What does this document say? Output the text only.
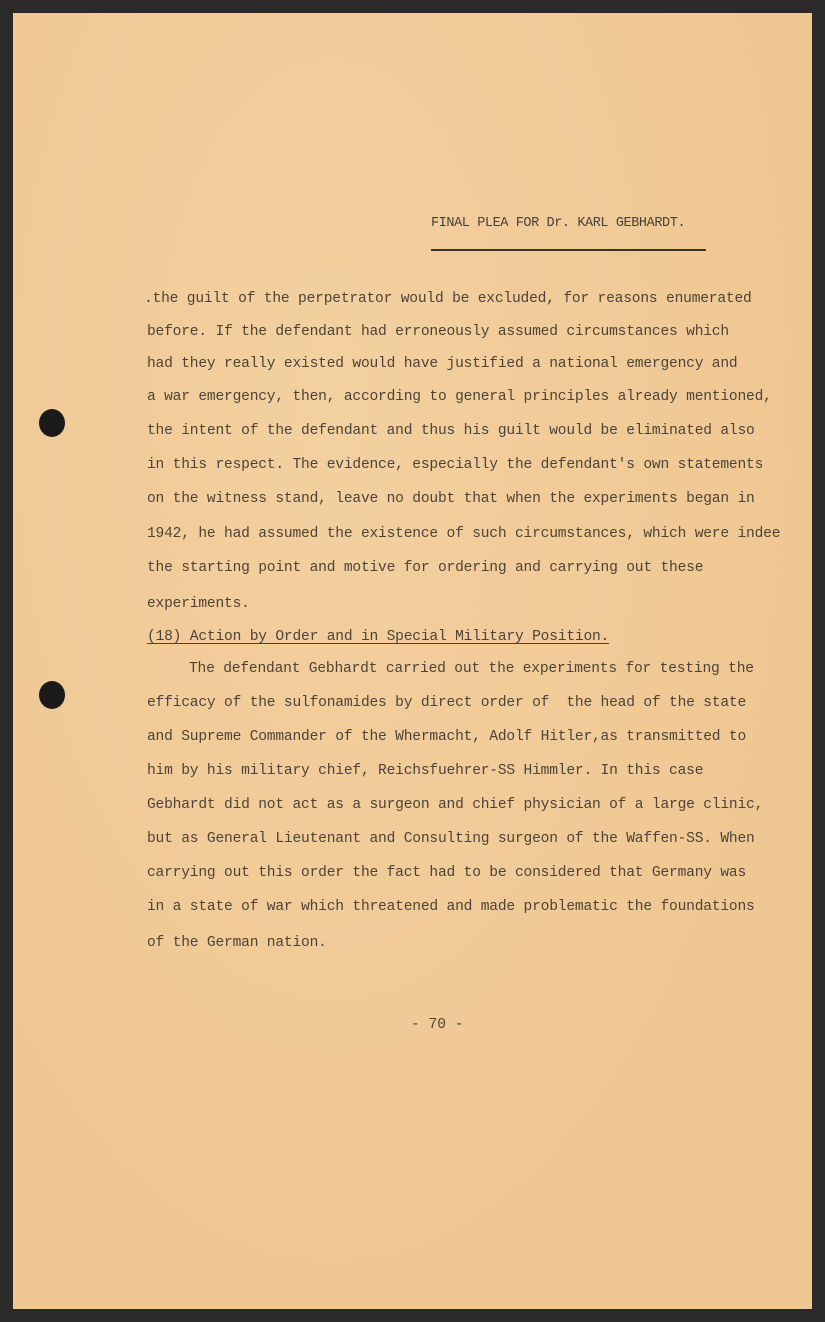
FINAL PLEA FOR Dr. KARL GEBHARDT.
.the guilt of the perpetrator would be excluded, for reasons enumerated
before. If the defendant had erroneously assumed circumstances which
had they really existed would have justified a national emergency and
a war emergency, then, according to general principles already mentioned,
the intent of the defendant and thus his guilt would be eliminated also
in this respect. The evidence, especially the defendant's own statements
on the witness stand, leave no doubt that when the experiments began in
1942, he had assumed the existence of such circumstances, which were indee
the starting point and motive for ordering and carrying out these
experiments.
(18) Action by Order and in Special Military Position.
The defendant Gebhardt carried out the experiments for testing the
efficacy of the sulfonamides by direct order of  the head of the state
and Supreme Commander of the Whermacht, Adolf Hitler,as transmitted to
him by his military chief, Reichsfuehrer-SS Himmler. In this case
Gebhardt did not act as a surgeon and chief physician of a large clinic,
but as General Lieutenant and Consulting surgeon of the Waffen-SS. When
carrying out this order the fact had to be considered that Germany was
in a state of war which threatened and made problematic the foundations
of the German nation.
- 70 -
